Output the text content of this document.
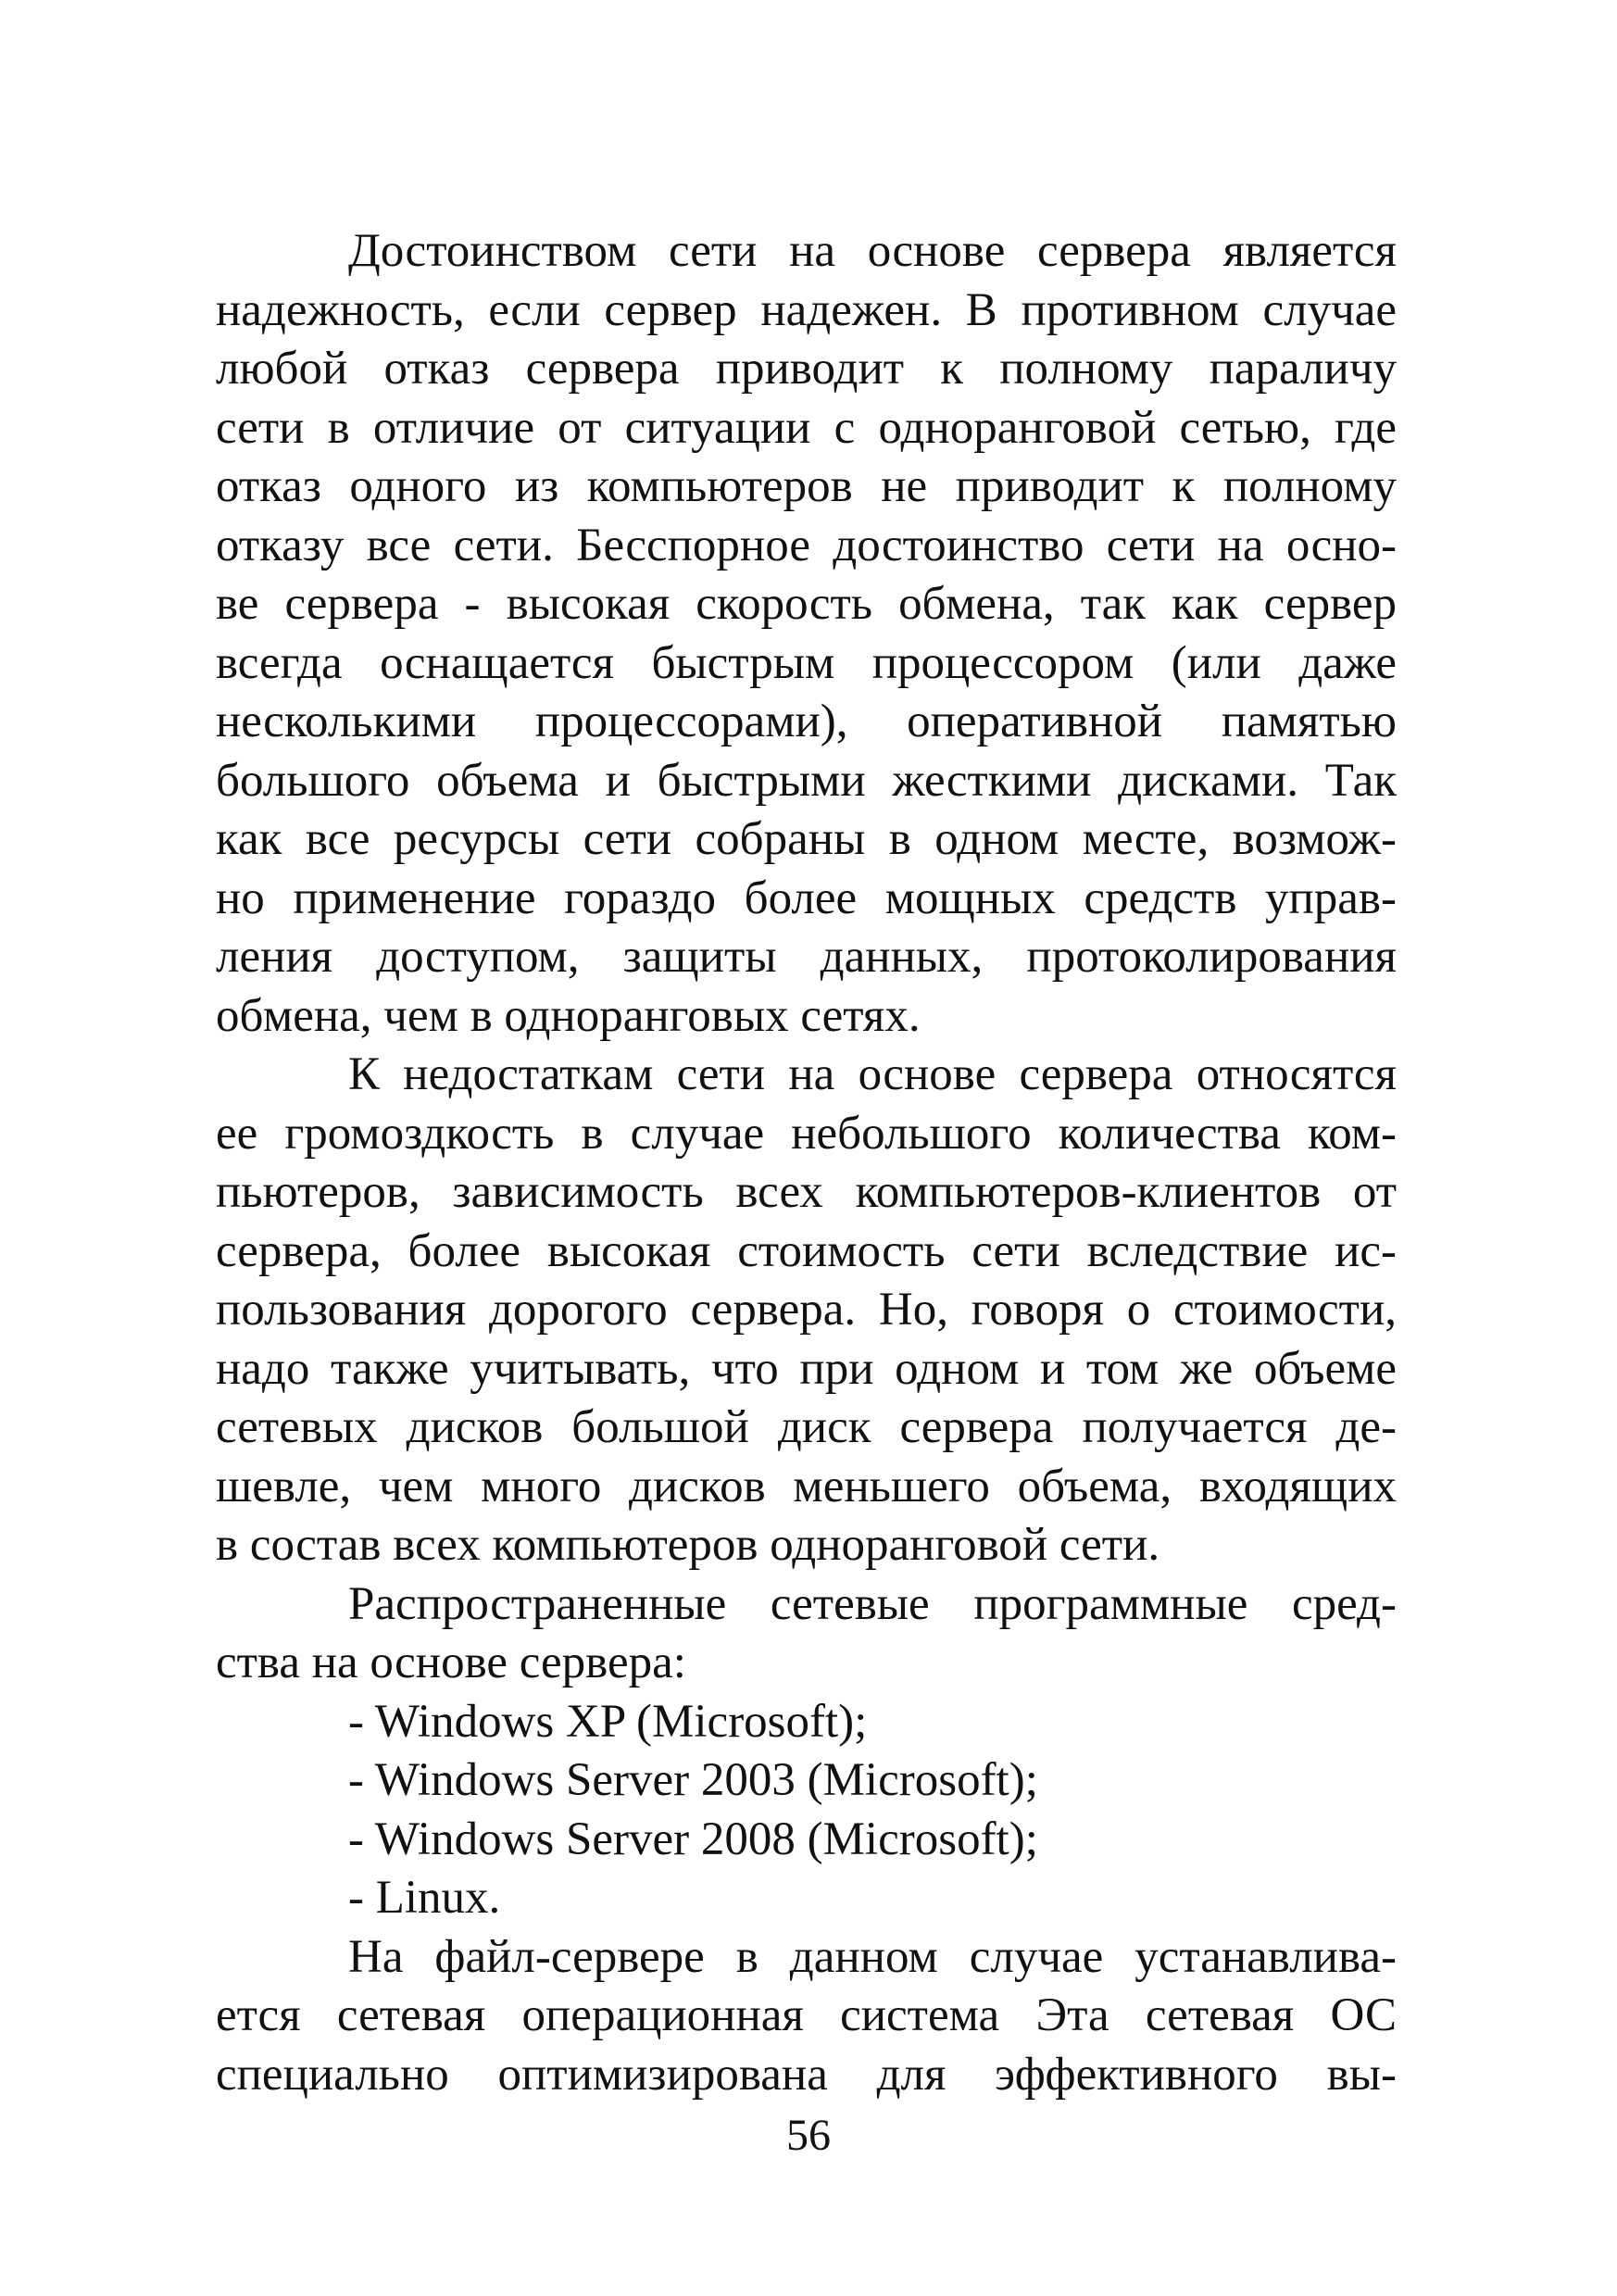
Достоинством сети на основе сервера является
надежность, если сервер надежен. В противном случае
любой отказ сервера приводит к полному параличу
сети в отличие от ситуации с одноранговой сетью, где
отказ одного из компьютеров не приводит к полному
отказу все сети. Бесспорное достоинство сети на осно-
ве сервера - высокая скорость обмена, так как сервер
всегда оснащается быстрым процессором (или даже
несколькими процессорами), оперативной памятью
большого объема и быстрыми жесткими дисками. Так
как все ресурсы сети собраны в одном месте, возмож-
но применение гораздо более мощных средств управ-
ления доступом, защиты данных, протоколирования
обмена, чем в одноранговых сетях.

К недостаткам сети на основе сервера относятся
ее громоздкость в случае небольшого количества ком-
пьютеров, зависимость всех компьютеров-клиентов от
сервера, более высокая стоимость сети вследствие ис-
пользования дорогого сервера. Но, говоря о стоимости,
надо также учитывать, что при одном и том же объеме
сетевых дисков большой диск сервера получается де-
шевле, чем много дисков меньшего объема, входящих
в состав всех компьютеров одноранговой сети.

Распространенные сетевые программные сред-
ства на основе сервера:

- Windows XP (Microsoft);
- Windows Server 2003 (Microsoft);
- Windows Server 2008 (Microsoft);
- Linux.

На файл-сервере в данном случае устанавлива-
ется сетевая операционная система Эта сетевая ОС
специально оптимизирована для эффективного вы-

56
